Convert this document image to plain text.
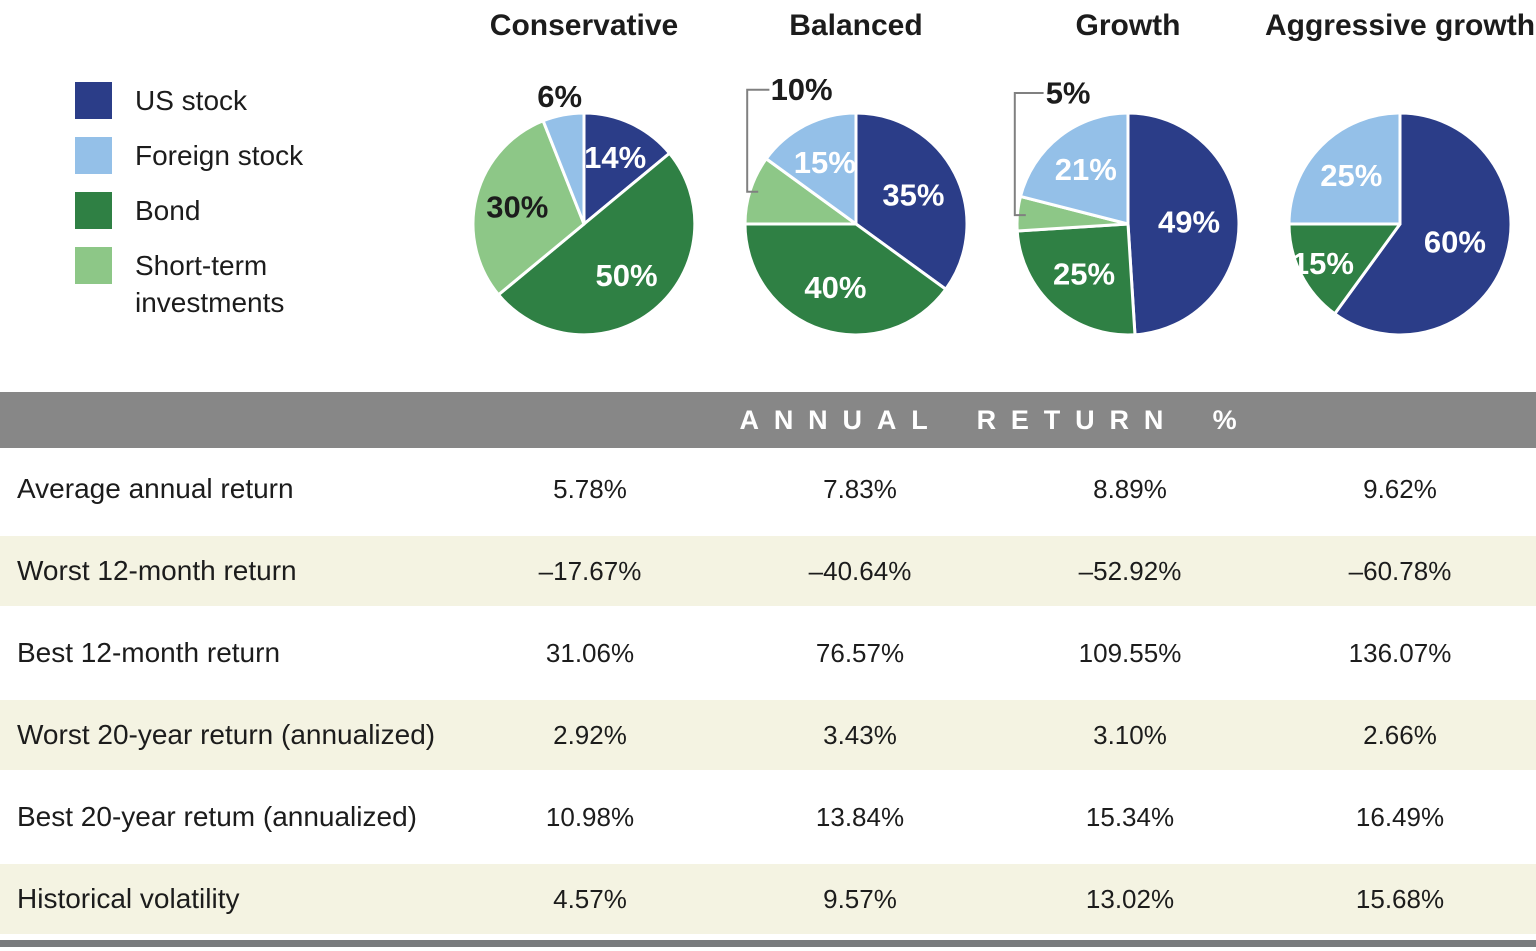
US stock
Foreign stock
Bond
Short-term investments
Conservative
14%
50%
30%
6%
Balanced
35%
40%
10%
15%
Growth
49%
25%
5%
21%
Aggressive growth
60%
15%
25%
ANNUAL RETURN %
Average annual return	5.78%	7.83%	8.89%	9.62%
Worst 12-month return	–17.67%	–40.64%	–52.92%	–60.78%
Best 12-month return	31.06%	76.57%	109.55%	136.07%
Worst 20-year return (annualized)	2.92%	3.43%	3.10%	2.66%
Best 20-year retum (annualized)	10.98%	13.84%	15.34%	16.49%
Historical volatility	4.57%	9.57%	13.02%	15.68%
